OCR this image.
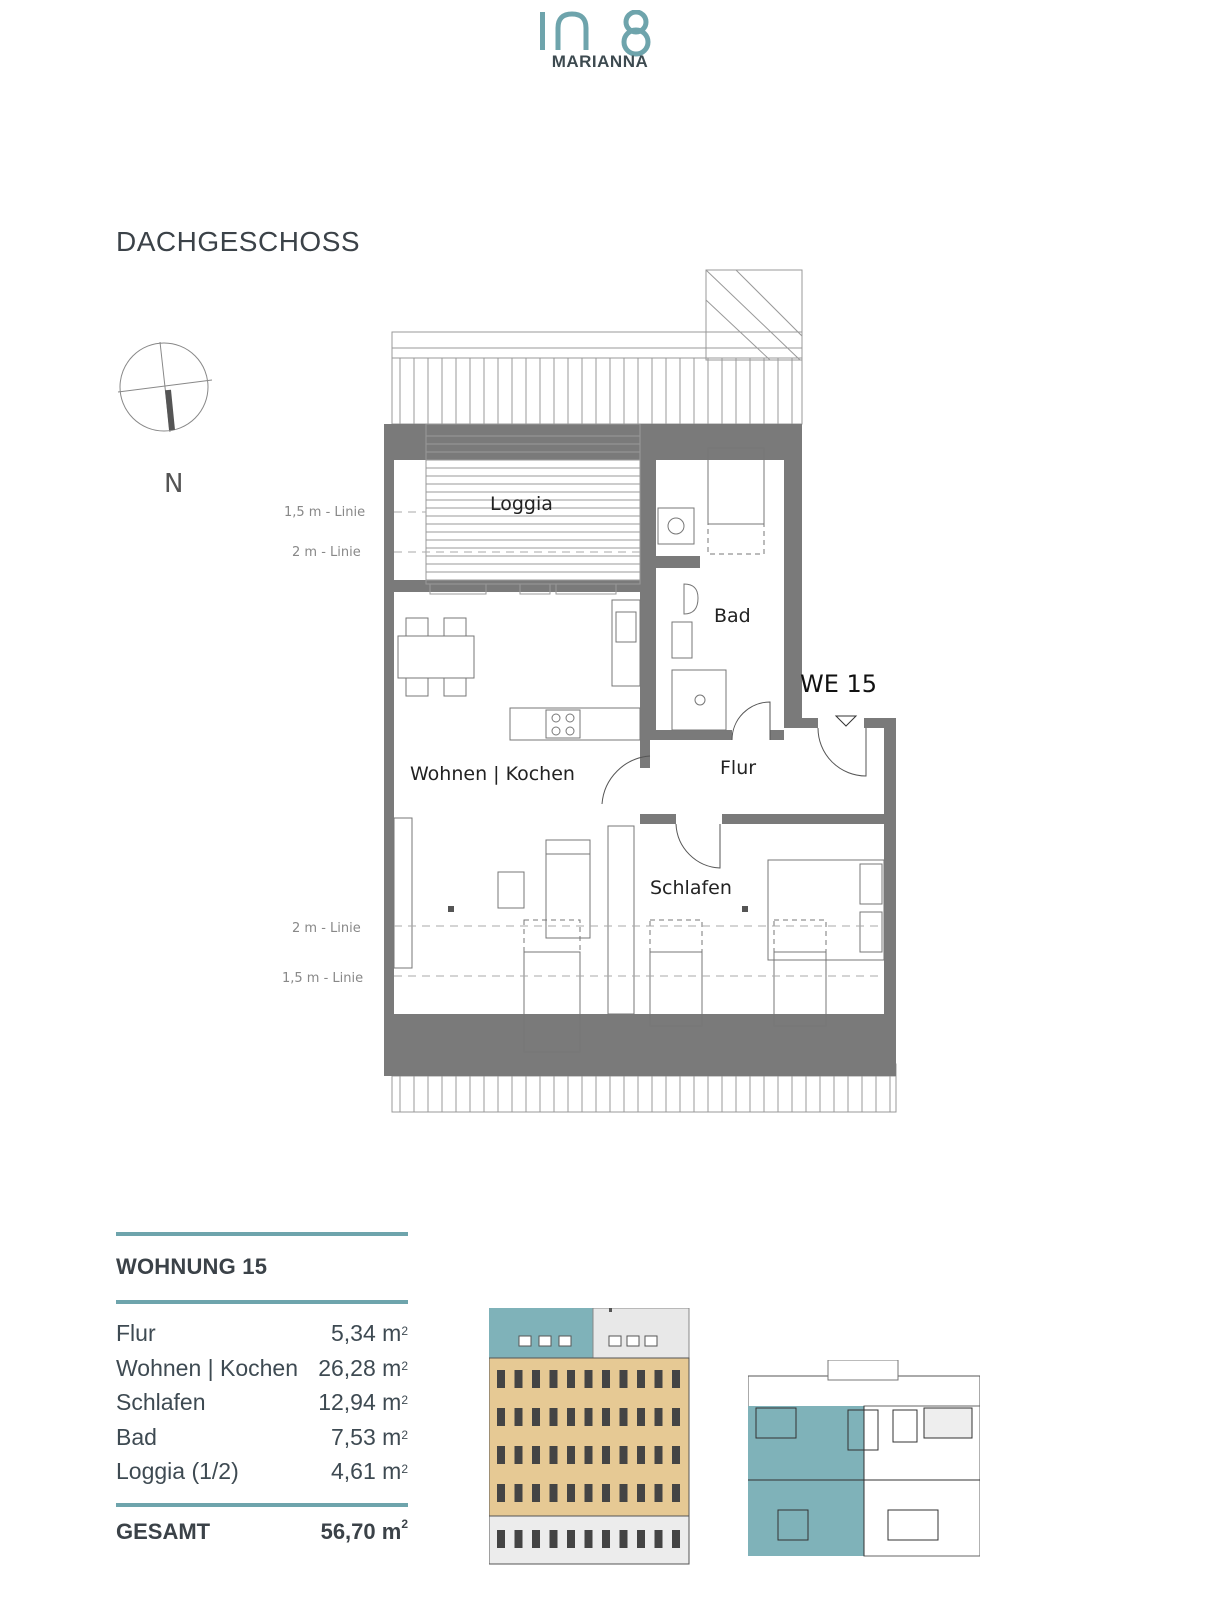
MARIANNA
DACHGESCHOSS
N
1,5 m - Linie
2 m - Linie
2 m - Linie
1,5 m - Linie
Loggia
Bad
Flur
Wohnen | Kochen
Schlafen
WE 15
WOHNUNG 15
Flur	5,34 $m^2$
Wohnen | Kochen 26,28 $m^2$
Schlafen	12,94 $m^2$
Bad	7,53 $m^2$
Loggia (1/2)	4,61 $m^2$
GESAMT	56,70 $m^2$
